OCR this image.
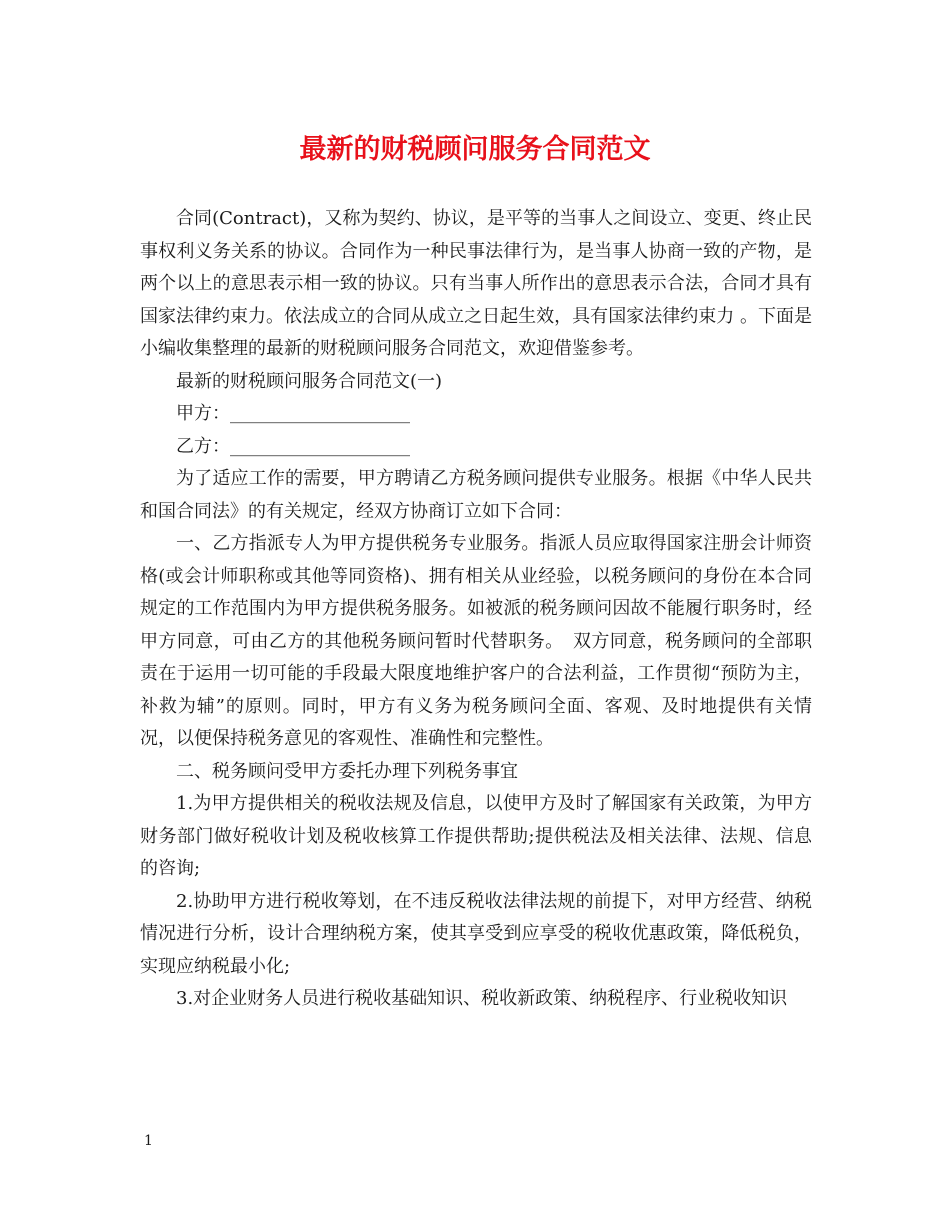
最新的财税顾问服务合同范文

合同(Contract)，又称为契约、协议，是平等的当事人之间设立、变更、终止民事权利义务关系的协议。合同作为一种民事法律行为，是当事人协商一致的产物，是两个以上的意思表示相一致的协议。只有当事人所作出的意思表示合法，合同才具有国家法律约束力。依法成立的合同从成立之日起生效，具有国家法律约束力 。下面是小编收集整理的最新的财税顾问服务合同范文，欢迎借鉴参考。

最新的财税顾问服务合同范文(一)

甲方：____________________

乙方：____________________

为了适应工作的需要，甲方聘请乙方税务顾问提供专业服务。根据《中华人民共和国合同法》的有关规定，经双方协商订立如下合同：

一、乙方指派专人为甲方提供税务专业服务。指派人员应取得国家注册会计师资格(或会计师职称或其他等同资格)、拥有相关从业经验，以税务顾问的身份在本合同规定的工作范围内为甲方提供税务服务。如被派的税务顾问因故不能履行职务时，经甲方同意，可由乙方的其他税务顾问暂时代替职务。　双方同意，税务顾问的全部职责在于运用一切可能的手段最大限度地维护客户的合法利益，工作贯彻“预防为主，补救为辅”的原则。同时，甲方有义务为税务顾问全面、客观、及时地提供有关情况，以便保持税务意见的客观性、准确性和完整性。

二、税务顾问受甲方委托办理下列税务事宜

1.为甲方提供相关的税收法规及信息，以使甲方及时了解国家有关政策，为甲方财务部门做好税收计划及税收核算工作提供帮助;提供税法及相关法律、法规、信息的咨询;

2.协助甲方进行税收筹划，在不违反税收法律法规的前提下，对甲方经营、纳税情况进行分析，设计合理纳税方案，使其享受到应享受的税收优惠政策，降低税负，实现应纳税最小化;

3.对企业财务人员进行税收基础知识、税收新政策、纳税程序、行业税收知识

1
